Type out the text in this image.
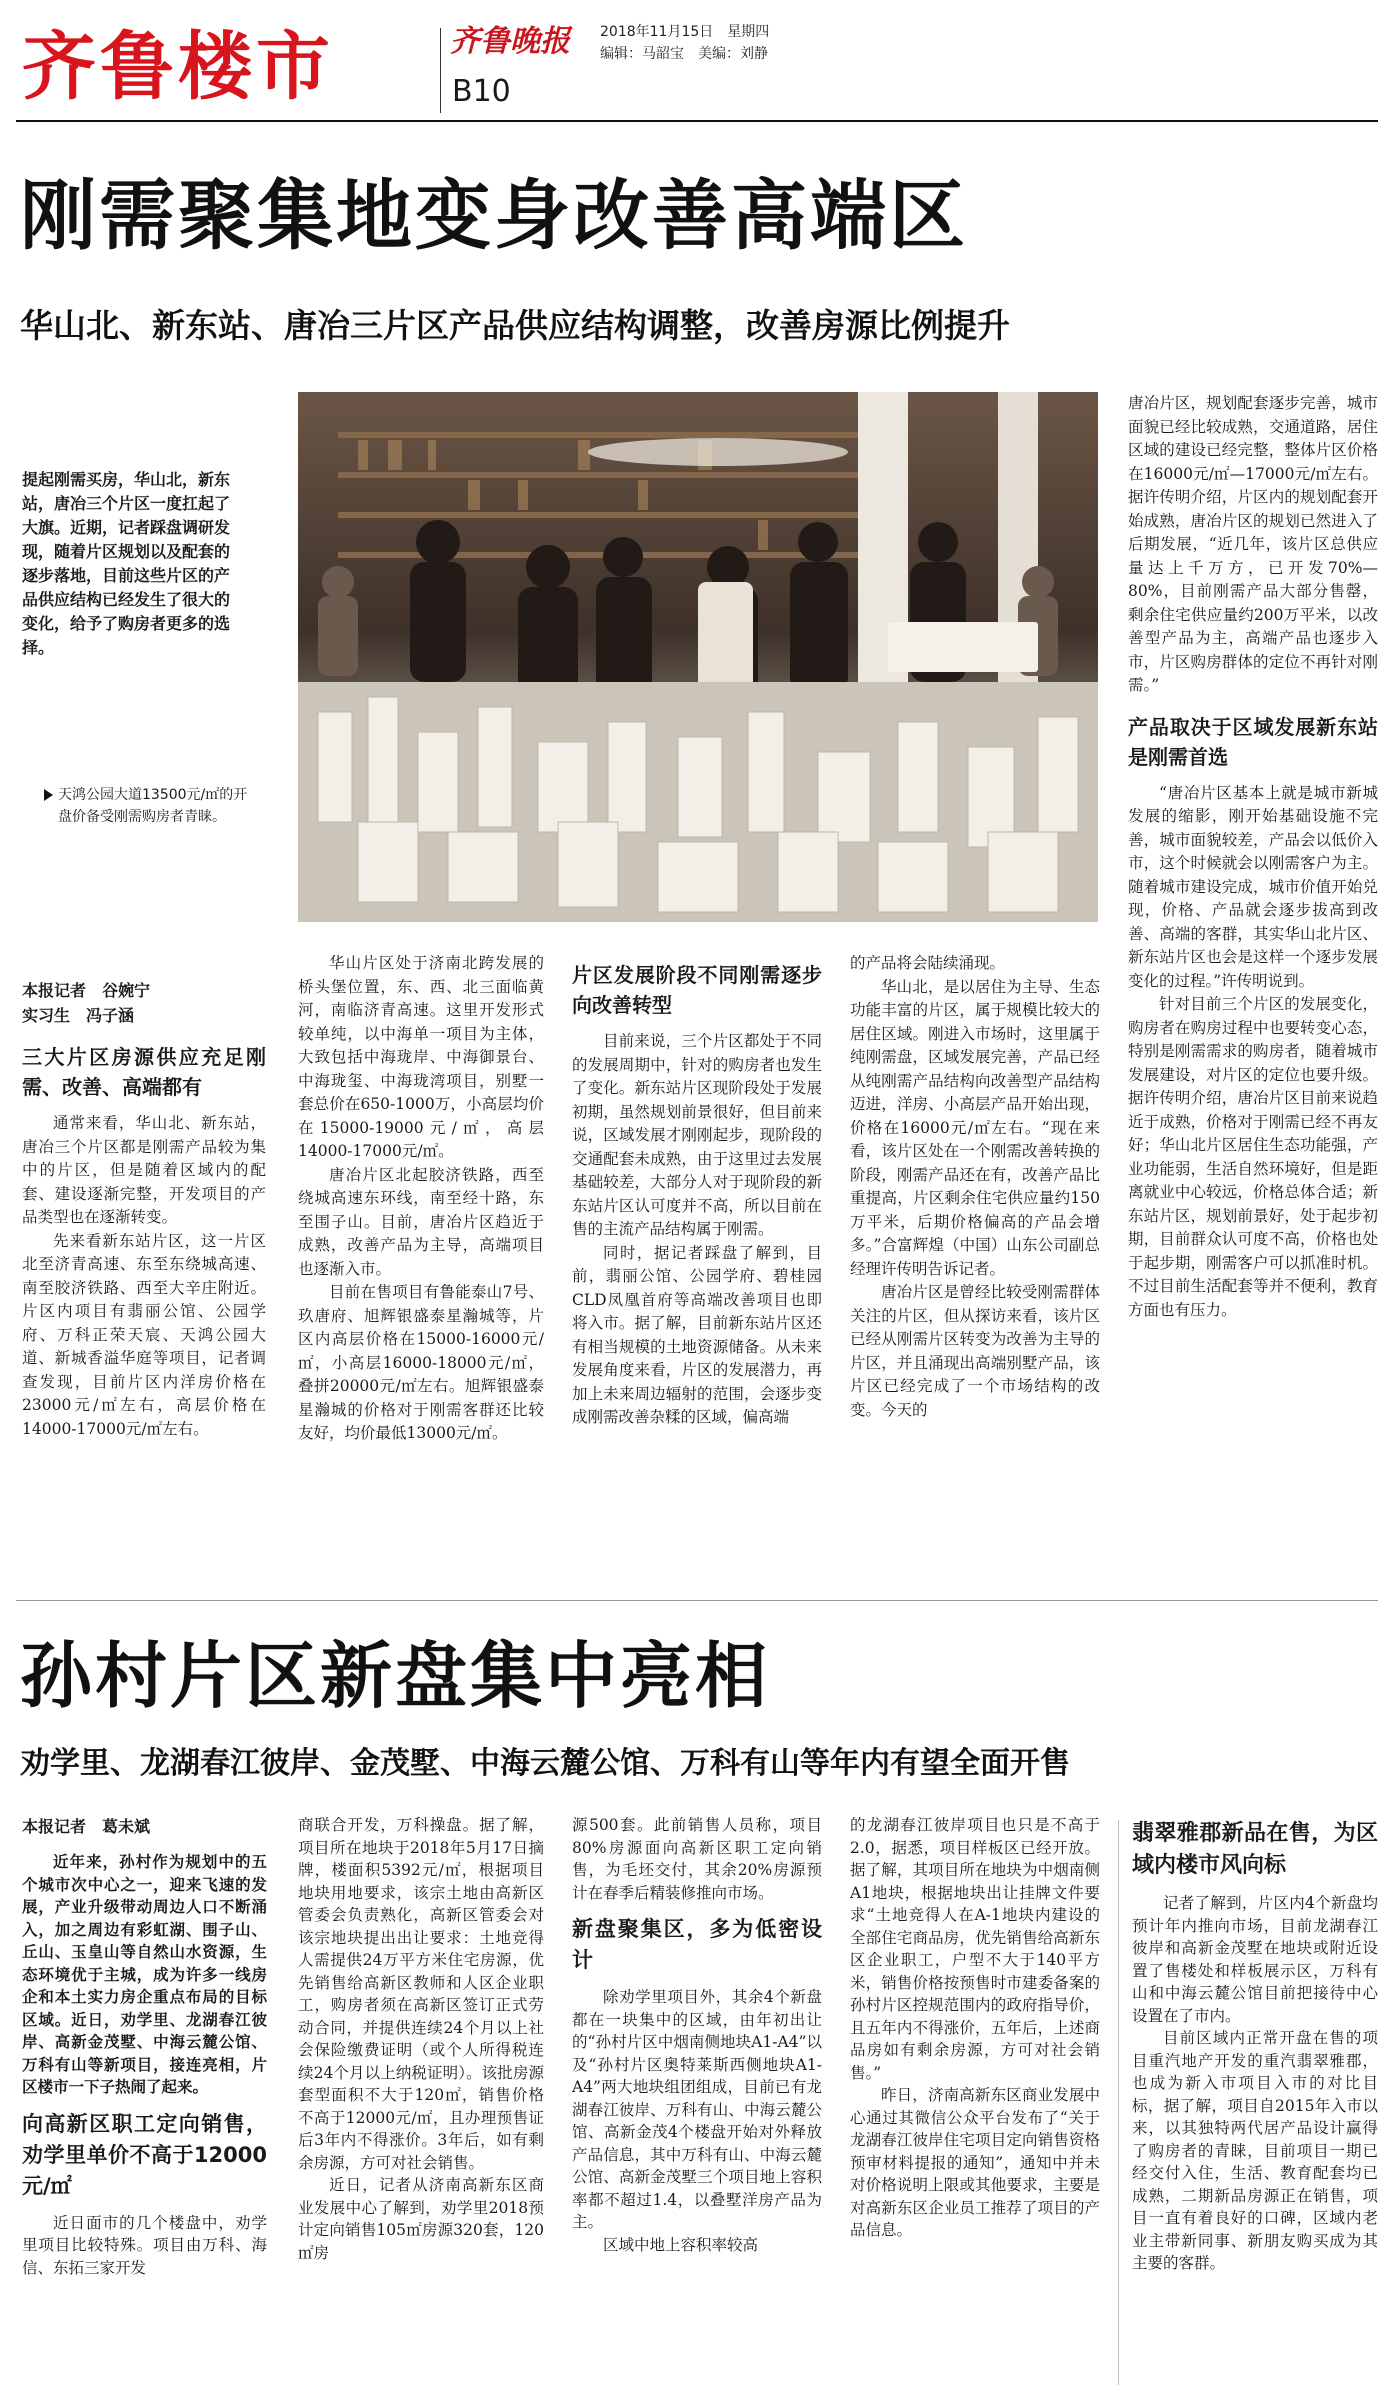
齐鲁楼市	齐鲁晚报
B10
2018年11月15日　星期四
编辑：马韶宝　美编：刘静
刚需聚集地变身改善高端区
华山北、新东站、唐冶三片区产品供应结构调整，改善房源比例提升
提起刚需买房，华山北，新东站，唐冶三个片区一度扛起了大旗。近期，记者踩盘调研发现，随着片区规划以及配套的逐步落地，目前这些片区的产品供应结构已经发生了很大的变化，给予了购房者更多的选择。
天鸿公园大道13500元/㎡的开盘价备受刚需购房者青睐。
本报记者　谷婉宁
实习生　冯子涵
三大片区房源供应充足刚需、改善、高端都有

通常来看，华山北、新东站，唐冶三个片区都是刚需产品较为集中的片区，但是随着区域内的配套、建设逐渐完整，开发项目的产品类型也在逐渐转变。

先来看新东站片区，这一片区北至济青高速、东至东绕城高速、南至胶济铁路、西至大辛庄附近。片区内项目有翡丽公馆、公园学府、万科正荣天宸、天鸿公园大道、新城香溢华庭等项目，记者调查发现，目前片区内洋房价格在23000元/㎡左右，高层价格在14000-17000元/㎡左右。

华山片区处于济南北跨发展的桥头堡位置，东、西、北三面临黄河，南临济青高速。这里开发形式较单纯，以中海单一项目为主体，大致包括中海珑岸、中海御景台、中海珑玺、中海珑湾项目，别墅一套总价在650-1000万，小高层均价在15000-19000元/㎡，高层14000-17000元/㎡。

唐冶片区北起胶济铁路，西至绕城高速东环线，南至经十路，东至围子山。目前，唐冶片区趋近于成熟，改善产品为主导，高端项目也逐渐入市。

目前在售项目有鲁能泰山7号、玖唐府、旭辉银盛泰星瀚城等，片区内高层价格在15000-16000元/㎡，小高层16000-18000元/㎡，叠拼20000元/㎡左右。旭辉银盛泰星瀚城的价格对于刚需客群还比较友好，均价最低13000元/㎡。

片区发展阶段不同刚需逐步向改善转型

目前来说，三个片区都处于不同的发展周期中，针对的购房者也发生了变化。新东站片区现阶段处于发展初期，虽然规划前景很好，但目前来说，区域发展才刚刚起步，现阶段的交通配套未成熟，由于这里过去发展基础较差，大部分人对于现阶段的新东站片区认可度并不高，所以目前在售的主流产品结构属于刚需。

同时，据记者踩盘了解到，目前，翡丽公馆、公园学府、碧桂园CLD凤凰首府等高端改善项目也即将入市。据了解，目前新东站片区还有相当规模的土地资源储备。从未来发展角度来看，片区的发展潜力，再加上未来周边辐射的范围，会逐步变成刚需改善杂糅的区域，偏高端

的产品将会陆续涌现。

华山北，是以居住为主导、生态功能丰富的片区，属于规模比较大的居住区域。刚进入市场时，这里属于纯刚需盘，区域发展完善，产品已经从纯刚需产品结构向改善型产品结构迈进，洋房、小高层产品开始出现，价格在16000元/㎡左右。“现在来看，该片区处在一个刚需改善转换的阶段，刚需产品还在有，改善产品比重提高，片区剩余住宅供应量约150万平米，后期价格偏高的产品会增多。”合富辉煌（中国）山东公司副总经理许传明告诉记者。

唐冶片区是曾经比较受刚需群体关注的片区，但从探访来看，该片区已经从刚需片区转变为改善为主导的片区，并且涌现出高端别墅产品，该片区已经完成了一个市场结构的改变。今天的

唐冶片区，规划配套逐步完善，城市面貌已经比较成熟，交通道路，居住区域的建设已经完整，整体片区价格在16000元/㎡—17000元/㎡左右。据许传明介绍，片区内的规划配套开始成熟，唐冶片区的规划已然进入了后期发展，“近几年，该片区总供应量达上千万方，已开发70%—80%，目前刚需产品大部分售罄，剩余住宅供应量约200万平米，以改善型产品为主，高端产品也逐步入市，片区购房群体的定位不再针对刚需。”

产品取决于区域发展新东站是刚需首选

“唐冶片区基本上就是城市新城发展的缩影，刚开始基础设施不完善，城市面貌较差，产品会以低价入市，这个时候就会以刚需客户为主。随着城市建设完成，城市价值开始兑现，价格、产品就会逐步拔高到改善、高端的客群，其实华山北片区、新东站片区也会是这样一个逐步发展变化的过程。”许传明说到。

针对目前三个片区的发展变化，购房者在购房过程中也要转变心态，特别是刚需需求的购房者，随着城市发展建设，对片区的定位也要升级。据许传明介绍，唐冶片区目前来说趋近于成熟，价格对于刚需已经不再友好；华山北片区居住生态功能强，产业功能弱，生活自然环境好，但是距离就业中心较远，价格总体合适；新东站片区，规划前景好，处于起步初期，目前群众认可度不高，价格也处于起步期，刚需客户可以抓准时机。不过目前生活配套等并不便利，教育方面也有压力。

孙村片区新盘集中亮相
劝学里、龙湖春江彼岸、金茂墅、中海云麓公馆、万科有山等年内有望全面开售
本报记者　葛未斌

近年来，孙村作为规划中的五个城市次中心之一，迎来飞速的发展，产业升级带动周边人口不断涌入，加之周边有彩虹湖、围子山、丘山、玉皇山等自然山水资源，生态环境优于主城，成为许多一线房企和本土实力房企重点布局的目标区域。近日，劝学里、龙湖春江彼岸、高新金茂墅、中海云麓公馆、万科有山等新项目，接连亮相，片区楼市一下子热闹了起来。

向高新区职工定向销售，劝学里单价不高于12000元/㎡

近日面市的几个楼盘中，劝学里项目比较特殊。项目由万科、海信、东拓三家开发

商联合开发，万科操盘。据了解，项目所在地块于2018年5月17日摘牌，楼面积5392元/㎡，根据项目地块用地要求，该宗土地由高新区管委会负责熟化，高新区管委会对该宗地块提出出让要求：土地竞得人需提供24万平方米住宅房源，优先销售给高新区教师和人区企业职工，购房者须在高新区签订正式劳动合同，并提供连续24个月以上社会保险缴费证明（或个人所得税连续24个月以上纳税证明）。该批房源套型面积不大于120㎡，销售价格不高于12000元/㎡，且办理预售证后3年内不得涨价。3年后，如有剩余房源，方可对社会销售。

近日，记者从济南高新东区商业发展中心了解到，劝学里2018预计定向销售105㎡房源320套，120㎡房

源500套。此前销售人员称，项目80%房源面向高新区职工定向销售，为毛坯交付，其余20%房源预计在春季后精装修推向市场。

新盘聚集区，多为低密设计

除劝学里项目外，其余4个新盘都在一块集中的区域，由年初出让的“孙村片区中烟南侧地块A1-A4”以及“孙村片区奥特莱斯西侧地块A1-A4”两大地块组团组成，目前已有龙湖春江彼岸、万科有山、中海云麓公馆、高新金茂4个楼盘开始对外释放产品信息，其中万科有山、中海云麓公馆、高新金茂墅三个项目地上容积率都不超过1.4，以叠墅洋房产品为主。

区域中地上容积率较高

的龙湖春江彼岸项目也只是不高于2.0，据悉，项目样板区已经开放。据了解，其项目所在地块为中烟南侧A1地块，根据地块出让挂牌文件要求“土地竞得人在A-1地块内建设的全部住宅商品房，优先销售给高新东区企业职工，户型不大于140平方米，销售价格按预售时市建委备案的孙村片区控规范围内的政府指导价，且五年内不得涨价，五年后，上述商品房如有剩余房源，方可对社会销售。”

昨日，济南高新东区商业发展中心通过其微信公众平台发布了“关于龙湖春江彼岸住宅项目定向销售资格预审材料提报的通知”，通知中并未对价格说明上限或其他要求，主要是对高新东区企业员工推荐了项目的产品信息。

翡翠雅郡新品在售，为区域内楼市风向标

记者了解到，片区内4个新盘均预计年内推向市场，目前龙湖春江彼岸和高新金茂墅在地块或附近设置了售楼处和样板展示区，万科有山和中海云麓公馆目前把接待中心设置在了市内。

目前区域内正常开盘在售的项目重汽地产开发的重汽翡翠雅郡，也成为新入市项目入市的对比目标，据了解，项目自2015年入市以来，以其独特两代居产品设计赢得了购房者的青睐，目前项目一期已经交付入住，生活、教育配套均已成熟，二期新品房源正在销售，项目一直有着良好的口碑，区域内老业主带新同事、新朋友购买成为其主要的客群。
